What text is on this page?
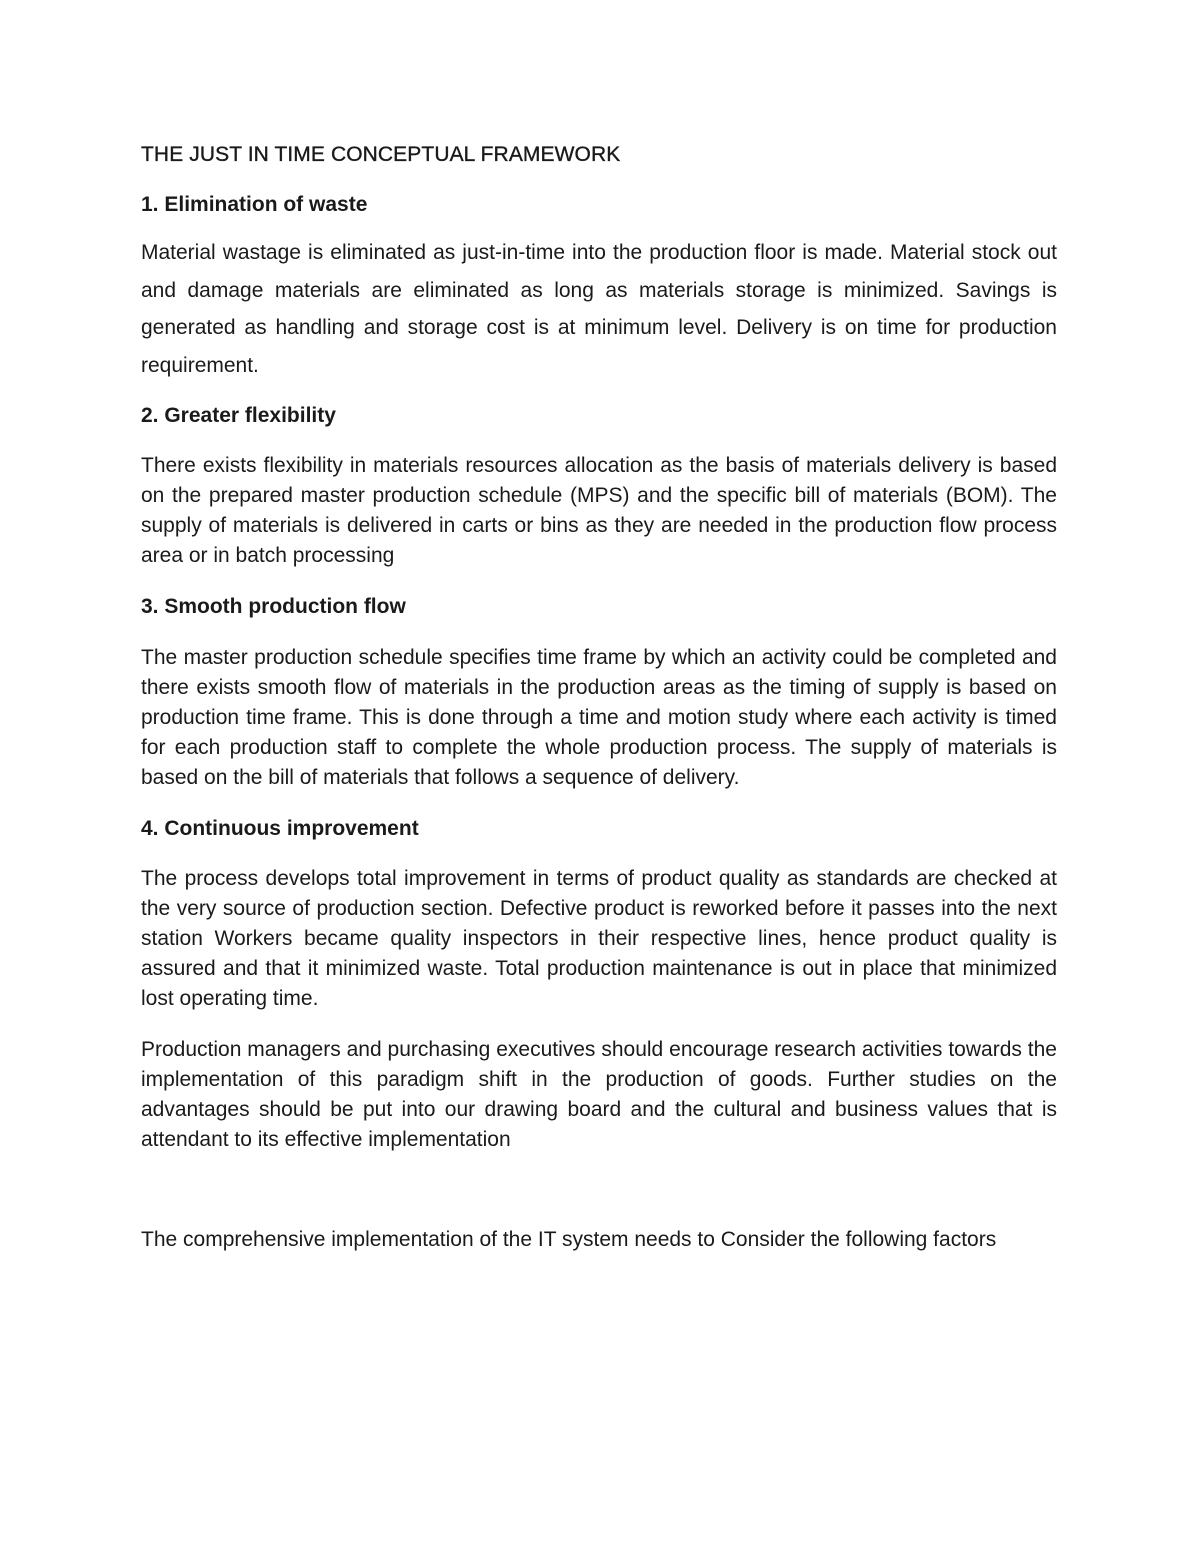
THE JUST IN TIME CONCEPTUAL FRAMEWORK
1. Elimination of waste

Material wastage is eliminated as just-in-time into the production floor is made. Material stock out and damage materials are eliminated as long as materials storage is minimized. Savings is generated as handling and storage cost is at minimum level. Delivery is on time for production requirement.

2. Greater flexibility

There exists flexibility in materials resources allocation as the basis of materials delivery is based on the prepared master production schedule (MPS) and the specific bill of materials (BOM). The supply of materials is delivered in carts or bins as they are needed in the production flow process area or in batch processing

3. Smooth production flow

The master production schedule specifies time frame by which an activity could be completed and there exists smooth flow of materials in the production areas as the timing of supply is based on production time frame. This is done through a time and motion study where each activity is timed for each production staff to complete the whole production process. The supply of materials is based on the bill of materials that follows a sequence of delivery.

4. Continuous improvement

The process develops total improvement in terms of product quality as standards are checked at the very source of production section. Defective product is reworked before it passes into the next station Workers became quality inspectors in their respective lines, hence product quality is assured and that it minimized waste. Total production maintenance is out in place that minimized lost operating time.

Production managers and purchasing executives should encourage research activities towards the implementation of this paradigm shift in the production of goods. Further studies on the advantages should be put into our drawing board and the cultural and business values that is attendant to its effective implementation

The comprehensive implementation of the IT system needs to Consider the following factors
